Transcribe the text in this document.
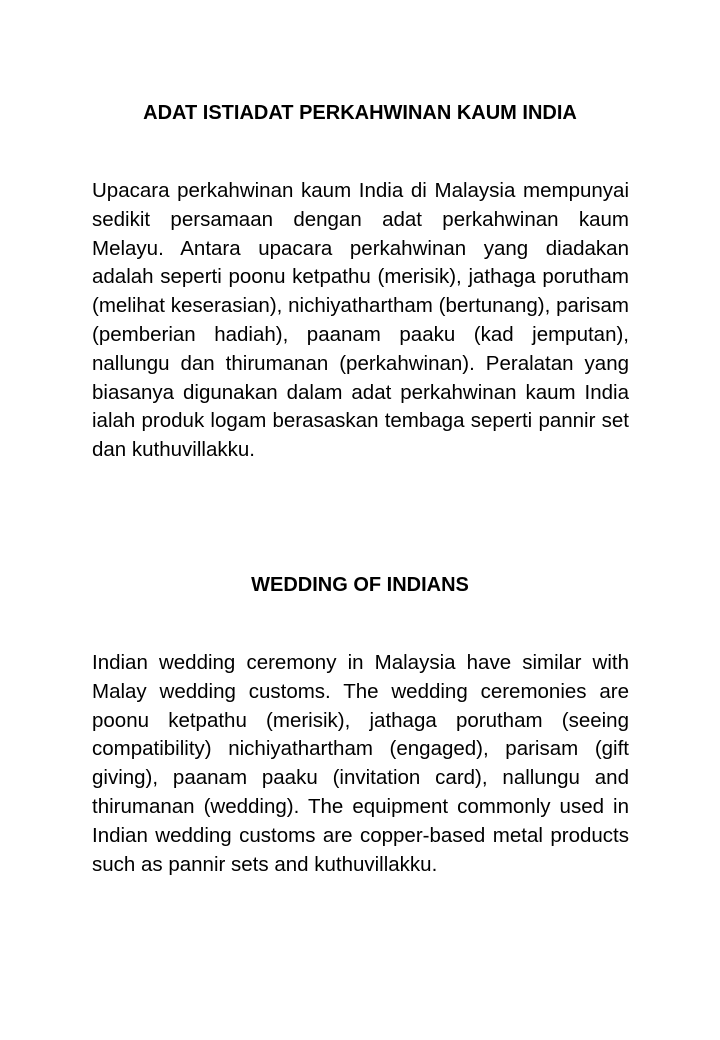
ADAT ISTIADAT PERKAHWINAN KAUM INDIA

Upacara perkahwinan kaum India di Malaysia mempunyai sedikit persamaan dengan adat perkahwinan kaum Melayu. Antara upacara perkahwinan yang diadakan adalah seperti poonu ketpathu (merisik), jathaga porutham (melihat keserasian), nichiyathartham (bertunang), parisam (pemberian hadiah), paanam paaku (kad jemputan), nallungu dan thirumanan (perkahwinan). Peralatan yang biasanya digunakan dalam adat perkahwinan kaum India ialah produk logam berasaskan tembaga seperti pannir set dan kuthuvillakku.

WEDDING OF INDIANS

Indian wedding ceremony in Malaysia have similar with Malay wedding customs. The wedding ceremonies are poonu ketpathu (merisik), jathaga porutham (seeing compatibility) nichiyathartham (engaged), parisam (gift giving), paanam paaku (invitation card), nallungu and thirumanan (wedding). The equipment commonly used in Indian wedding customs are copper-based metal products such as pannir sets and kuthuvillakku.
